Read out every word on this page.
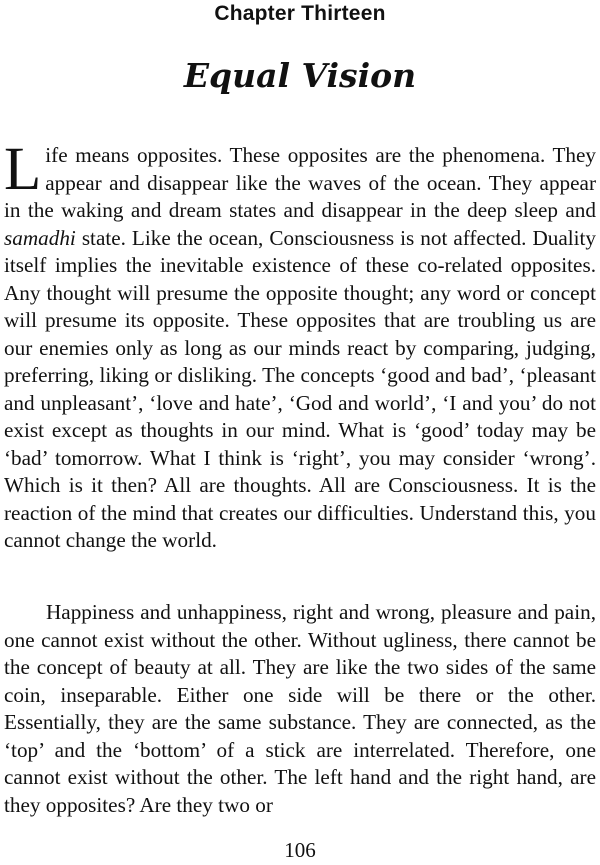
Chapter Thirteen
Equal Vision

Life means opposites. These opposites are the phenomena. They appear and disappear like the waves of the ocean. They appear in the waking and dream states and disappear in the deep sleep and samadhi state. Like the ocean, Consciousness is not affected. Duality itself implies the inevitable existence of these co-related opposites. Any thought will presume the opposite thought; any word or concept will presume its opposite. These opposites that are troubling us are our enemies only as long as our minds react by comparing, judging, preferring, liking or disliking. The concepts ‘good and bad’, ‘pleasant and unpleasant’, ‘love and hate’, ‘God and world’, ‘I and you’ do not exist except as thoughts in our mind. What is ‘good’ today may be ‘bad’ tomorrow. What I think is ‘right’, you may consider ‘wrong’. Which is it then? All are thoughts. All are Consciousness. It is the reaction of the mind that creates our difficulties. Understand this, you cannot change the world.

Happiness and unhappiness, right and wrong, pleasure and pain, one cannot exist without the other. Without ugliness, there cannot be the concept of beauty at all. They are like the two sides of the same coin, inseparable. Either one side will be there or the other. Essentially, they are the same substance. They are connected, as the ‘top’ and the ‘bottom’ of a stick are interrelated. Therefore, one cannot exist without the other. The left hand and the right hand, are they opposites? Are they two or

106
